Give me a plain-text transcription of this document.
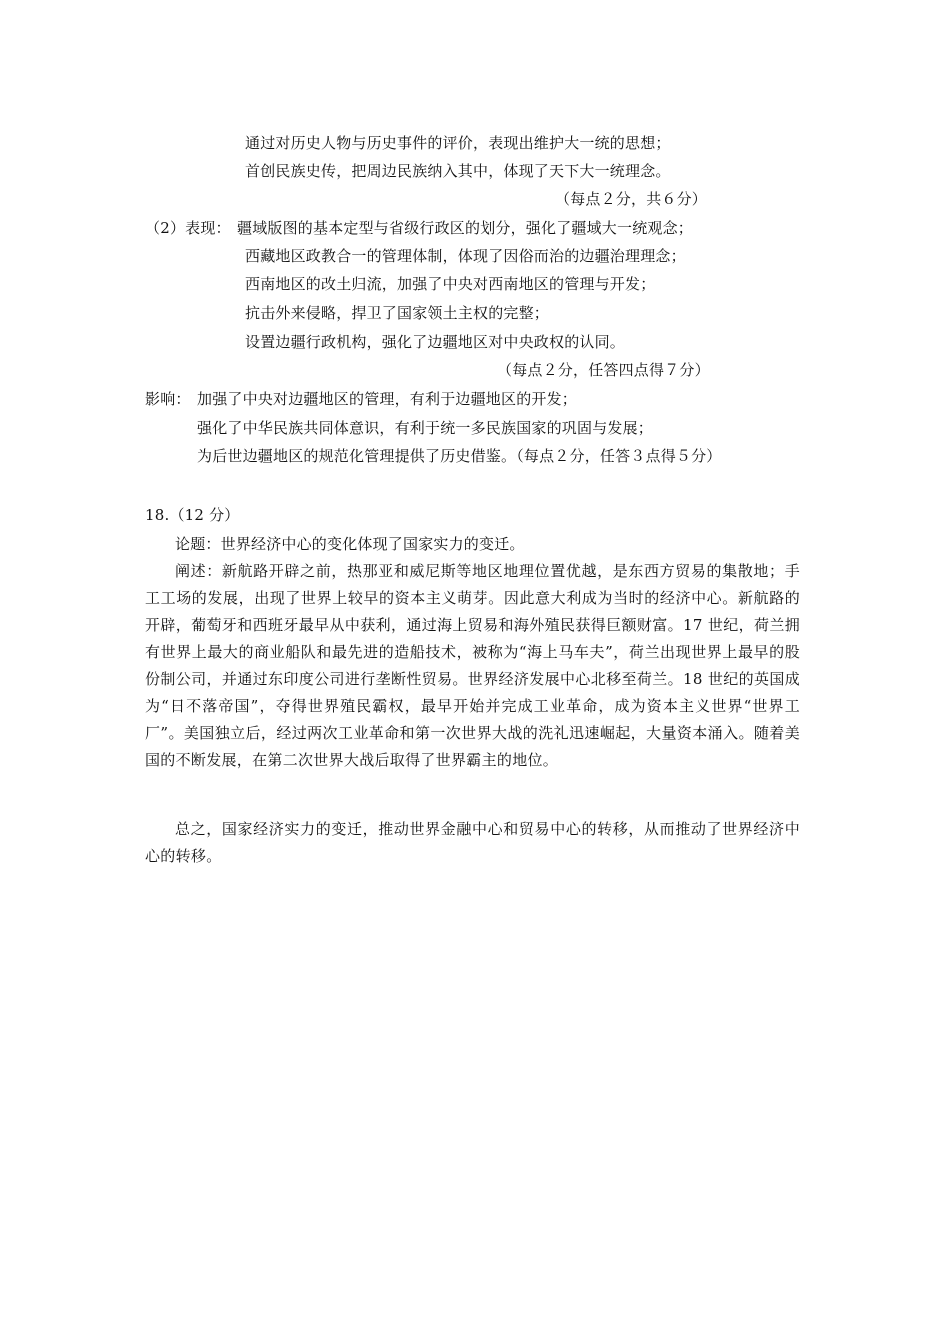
通过对历史人物与历史事件的评价，表现出维护大一统的思想；
首创民族史传，把周边民族纳入其中，体现了天下大一统理念。
（每点２分，共６分）
（2）表现： 疆域版图的基本定型与省级行政区的划分，强化了疆域大一统观念；
西藏地区政教合一的管理体制，体现了因俗而治的边疆治理理念；
西南地区的改土归流，加强了中央对西南地区的管理与开发；
抗击外来侵略，捍卫了国家领土主权的完整；
设置边疆行政机构，强化了边疆地区对中央政权的认同。
（每点２分，任答四点得７分）
影响： 加强了中央对边疆地区的管理，有利于边疆地区的开发；
强化了中华民族共同体意识，有利于统一多民族国家的巩固与发展；
为后世边疆地区的规范化管理提供了历史借鉴。（每点２分，任答３点得５分）
18.（12 分）
论题：世界经济中心的变化体现了国家实力的变迁。
阐述：新航路开辟之前，热那亚和威尼斯等地区地理位置优越，是东西方贸易的集散地；手工工场的发展，出现了世界上较早的资本主义萌芽。因此意大利成为当时的经济中心。新航路的开辟，葡萄牙和西班牙最早从中获利，通过海上贸易和海外殖民获得巨额财富。17 世纪，荷兰拥有世界上最大的商业船队和最先进的造船技术，被称为“海上马车夫”，荷兰出现世界上最早的股份制公司，并通过东印度公司进行垄断性贸易。世界经济发展中心北移至荷兰。18 世纪的英国成为“日不落帝国”，夺得世界殖民霸权，最早开始并完成工业革命，成为资本主义世界“世界工厂”。美国独立后，经过两次工业革命和第一次世界大战的洗礼迅速崛起，大量资本涌入。随着美国的不断发展，在第二次世界大战后取得了世界霸主的地位。
总之，国家经济实力的变迁，推动世界金融中心和贸易中心的转移，从而推动了世界经济中心的转移。
